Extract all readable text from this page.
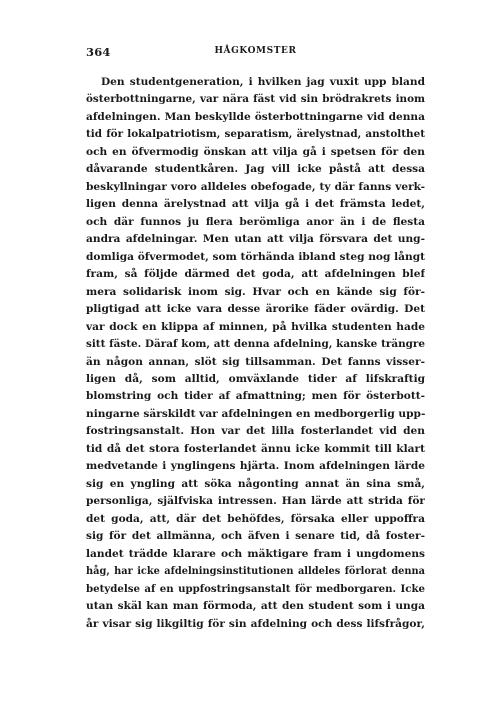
364	HÅGKOMSTER
Den studentgeneration, i hvilken jag vuxit upp bland
österbottningarne, var nära fäst vid sin brödrakrets inom
afdelningen. Man beskyllde österbottningarne vid denna
tid för lokalpatriotism, separatism, ärelystnad, anstolthet
och en öfvermodig önskan att vilja gå i spetsen för den
dåvarande studentkåren. Jag vill icke påstå att dessa
beskyllningar voro alldeles obefogade, ty där fanns verk-
ligen denna ärelystnad att vilja gå i det främsta ledet,
och där funnos ju flera berömliga anor än i de flesta
andra afdelningar. Men utan att vilja försvara det ung-
domliga öfvermodet, som törhända ibland steg nog långt
fram, så följde därmed det goda, att afdelningen blef
mera solidarisk inom sig. Hvar och en kände sig för-
pligtigad att icke vara desse ärorike fäder ovärdig. Det
var dock en klippa af minnen, på hvilka studenten hade
sitt fäste. Däraf kom, att denna afdelning, kanske trängre
än någon annan, slöt sig tillsamman. Det fanns visser-
ligen då, som alltid, omväxlande tider af lifskraftig
blomstring och tider af afmattning; men för österbott-
ningarne särskildt var afdelningen en medborgerlig upp-
fostringsanstalt. Hon var det lilla fosterlandet vid den
tid då det stora fosterlandet ännu icke kommit till klart
medvetande i ynglingens hjärta. Inom afdelningen lärde
sig en yngling att söka någonting annat än sina små,
personliga, själfviska intressen. Han lärde att strida för
det goda, att, där det behöfdes, försaka eller uppoffra
sig för det allmänna, och äfven i senare tid, då foster-
landet trädde klarare och mäktigare fram i ungdomens
håg, har icke afdelningsinstitutionen alldeles förlorat denna
betydelse af en uppfostringsanstalt för medborgaren. Icke
utan skäl kan man förmoda, att den student som i unga
år visar sig likgiltig för sin afdelning och dess lifsfrågor,
